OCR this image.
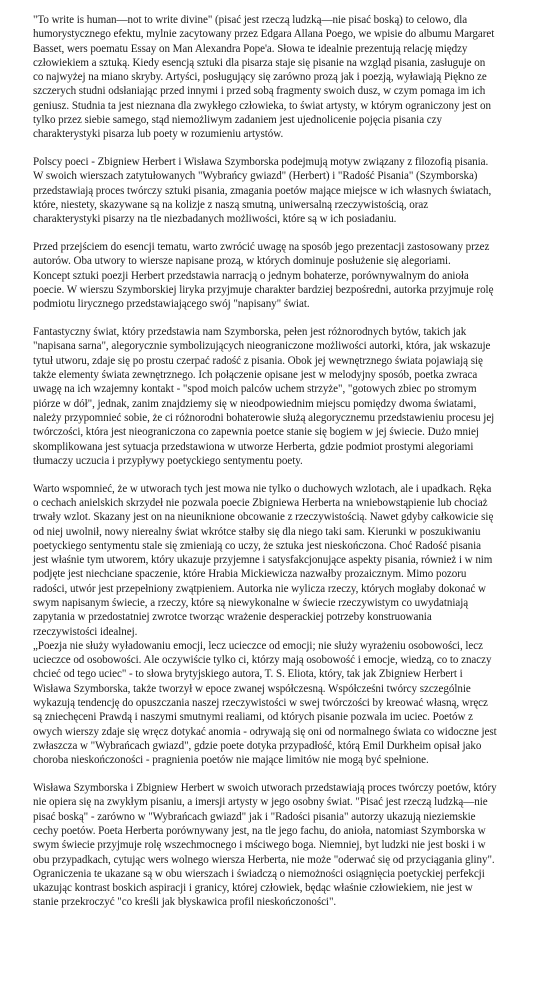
"To write is human—not to write divine" (pisać jest rzeczą ludzką—nie pisać boską) to celowo, dla
humorystycznego efektu, mylnie zacytowany przez Edgara Allana Poego, we wpisie do albumu Margaret
Basset, wers poematu Essay on Man Alexandra Pope'a. Słowa te idealnie prezentują relację między
człowiekiem a sztuką. Kiedy esencją sztuki dla pisarza staje się pisanie na wzgląd pisania, zasługuje on
co najwyżej na miano skryby. Artyści, posługujący się zarówno prozą jak i poezją, wyławiają Piękno ze
szczerych studni odsłaniając przed innymi i przed sobą fragmenty swoich dusz, w czym pomaga im ich
geniusz. Studnia ta jest nieznana dla zwykłego człowieka, to świat artysty, w którym ograniczony jest on
tylko przez siebie samego, stąd niemożliwym zadaniem jest ujednolicenie pojęcia pisania czy
charakterystyki pisarza lub poety w rozumieniu artystów.
Polscy poeci - Zbigniew Herbert i Wisława Szymborska podejmują motyw związany z filozofią pisania.
W swoich wierszach zatytułowanych "Wybrańcy gwiazd" (Herbert) i "Radość Pisania" (Szymborska)
przedstawiają proces twórczy sztuki pisania, zmagania poetów mające miejsce w ich własnych światach,
które, niestety, skazywane są na kolizje z naszą smutną, uniwersalną rzeczywistością, oraz
charakterystyki pisarzy na tle niezbadanych możliwości, które są w ich posiadaniu.
Przed przejściem do esencji tematu, warto zwrócić uwagę na sposób jego prezentacji zastosowany przez
autorów. Oba utwory to wiersze napisane prozą, w których dominuje posłużenie się alegoriami.
Koncept sztuki poezji Herbert przedstawia narracją o jednym bohaterze, porównywalnym do anioła
poecie. W wierszu Szymborskiej liryka przyjmuje charakter bardziej bezpośredni, autorka przyjmuje rolę
podmiotu lirycznego przedstawiającego swój "napisany" świat.
Fantastyczny świat, który przedstawia nam Szymborska, pełen jest różnorodnych bytów, takich jak
"napisana sarna", alegorycznie symbolizujących nieograniczone możliwości autorki, która, jak wskazuje
tytuł utworu, zdaje się po prostu czerpać radość z pisania. Obok jej wewnętrznego świata pojawiają się
także elementy świata zewnętrznego. Ich połączenie opisane jest w melodyjny sposób, poetka zwraca
uwagę na ich wzajemny kontakt - "spod moich palców uchem strzyże", "gotowych zbiec po stromym
piórze w dół", jednak, zanim znajdziemy się w nieodpowiednim miejscu pomiędzy dwoma światami,
należy przypomnieć sobie, że ci różnorodni bohaterowie służą alegorycznemu przedstawieniu procesu jej
twórczości, która jest nieograniczona co zapewnia poetce stanie się bogiem w jej świecie. Dużo mniej
skomplikowana jest sytuacja przedstawiona w utworze Herberta, gdzie podmiot prostymi alegoriami
tłumaczy uczucia i przypływy poetyckiego sentymentu poety.
Warto wspomnieć, że w utworach tych jest mowa nie tylko o duchowych wzlotach, ale i upadkach. Ręka
o cechach anielskich skrzydeł nie pozwala poecie Zbigniewa Herberta na wniebowstąpienie lub chociaż
trwały wzlot. Skazany jest on na nieuniknione obcowanie z rzeczywistością. Nawet gdyby całkowicie się
od niej uwolnił, nowy nierealny świat wkrótce stałby się dla niego taki sam. Kierunki w poszukiwaniu
poetyckiego sentymentu stale się zmieniają co uczy, że sztuka jest nieskończona. Choć Radość pisania
jest właśnie tym utworem, który ukazuje przyjemne i satysfakcjonujące aspekty pisania, również i w nim
podjęte jest niechciane spaczenie, które Hrabia Mickiewicza nazwałby prozaicznym. Mimo pozoru
radości, utwór jest przepełniony zwątpieniem. Autorka nie wylicza rzeczy, których mogłaby dokonać w
swym napisanym świecie, a rzeczy, które są niewykonalne w świecie rzeczywistym co uwydatniają
zapytania w przedostatniej zwrotce tworząc wrażenie desperackiej potrzeby konstruowania
rzeczywistości idealnej.
„Poezja nie służy wyładowaniu emocji, lecz ucieczce od emocji; nie służy wyrażeniu osobowości, lecz
ucieczce od osobowości. Ale oczywiście tylko ci, którzy mają osobowość i emocje, wiedzą, co to znaczy
chcieć od tego uciec" - to słowa brytyjskiego autora, T. S. Eliota, który, tak jak Zbigniew Herbert i
Wisława Szymborska, także tworzył w epoce zwanej współczesną. Współcześni twórcy szczególnie
wykazują tendencję do opuszczania naszej rzeczywistości w swej twórczości by kreować własną, wręcz
są zniechęceni Prawdą i naszymi smutnymi realiami, od których pisanie pozwala im uciec. Poetów z
owych wierszy zdaje się wręcz dotykać anomia - odrywają się oni od normalnego świata co widoczne jest
zwłaszcza w "Wybrańcach gwiazd", gdzie poete dotyka przypadłość, którą Emil Durkheim opisał jako
choroba nieskończoności - pragnienia poetów nie mające limitów nie mogą być spełnione.
Wisława Szymborska i Zbigniew Herbert w swoich utworach przedstawiają proces twórczy poetów, który
nie opiera się na zwykłym pisaniu, a imersji artysty w jego osobny świat. "Pisać jest rzeczą ludzką—nie
pisać boską" - zarówno w "Wybrańcach gwiazd" jak i "Radości pisania" autorzy ukazują nieziemskie
cechy poetów. Poeta Herberta porównywany jest, na tle jego fachu, do anioła, natomiast Szymborska w
swym świecie przyjmuje rolę wszechmocnego i mściwego boga. Niemniej, byt ludzki nie jest boski i w
obu przypadkach, cytując wers wolnego wiersza Herberta, nie może "oderwać się od przyciągania gliny".
Ograniczenia te ukazane są w obu wierszach i świadczą o niemożności osiągnięcia poetyckiej perfekcji
ukazując kontrast boskich aspiracji i granicy, której człowiek, będąc właśnie człowiekiem, nie jest w
stanie przekroczyć "co kreśli jak błyskawica profil nieskończoności".
